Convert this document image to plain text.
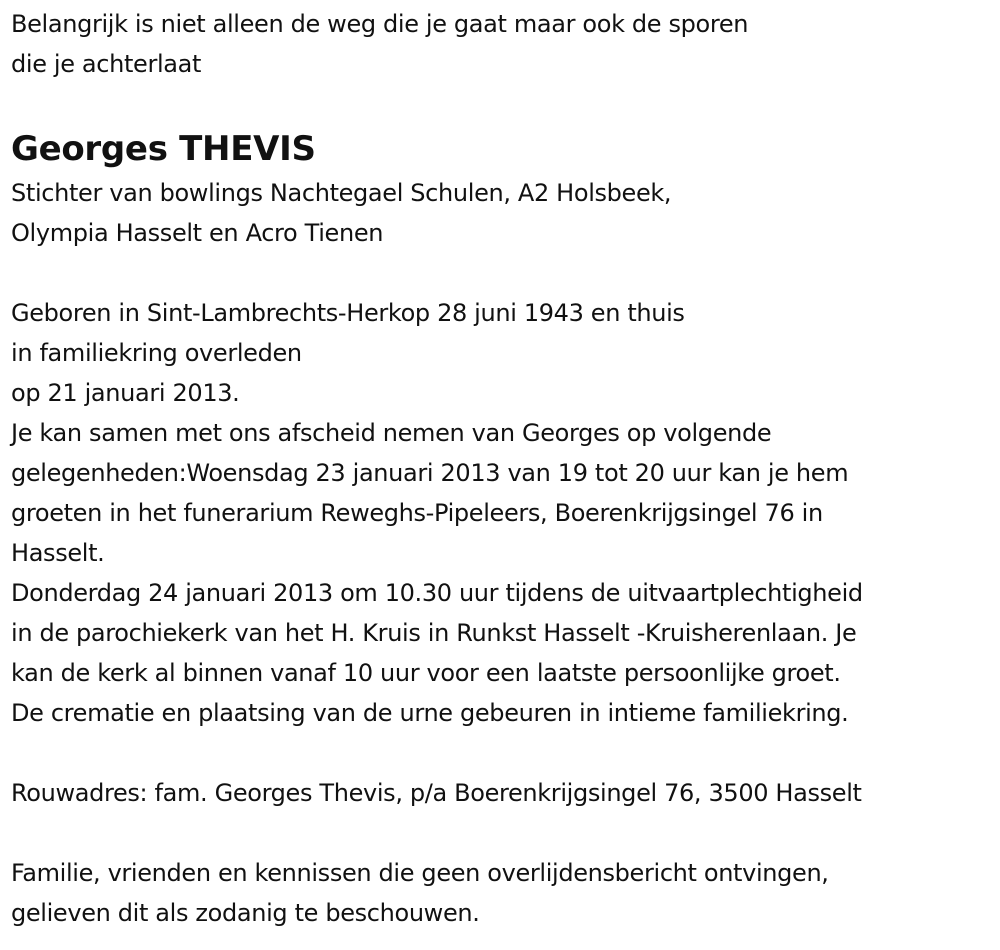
Belangrijk is niet alleen de weg die je gaat maar ook de sporen
die je achterlaat
Georges THEVIS
Stichter van bowlings Nachtegael Schulen, A2 Holsbeek,
Olympia Hasselt en Acro Tienen
Geboren in Sint-Lambrechts-Herkop 28 juni 1943 en thuis
in familiekring overleden
op 21 januari 2013.
Je kan samen met ons afscheid nemen van Georges op volgende
gelegenheden:Woensdag 23 januari 2013 van 19 tot 20 uur kan je hem
groeten in het funerarium Reweghs-Pipeleers, Boerenkrijgsingel 76 in
Hasselt.
Donderdag 24 januari 2013 om 10.30 uur tijdens de uitvaartplechtigheid
in de parochiekerk van het H. Kruis in Runkst Hasselt -Kruisherenlaan. Je
kan de kerk al binnen vanaf 10 uur voor een laatste persoonlijke groet.
De crematie en plaatsing van de urne gebeuren in intieme familiekring.
Rouwadres: fam. Georges Thevis, p/a Boerenkrijgsingel 76, 3500 Hasselt
Familie, vrienden en kennissen die geen overlijdensbericht ontvingen,
gelieven dit als zodanig te beschouwen.
